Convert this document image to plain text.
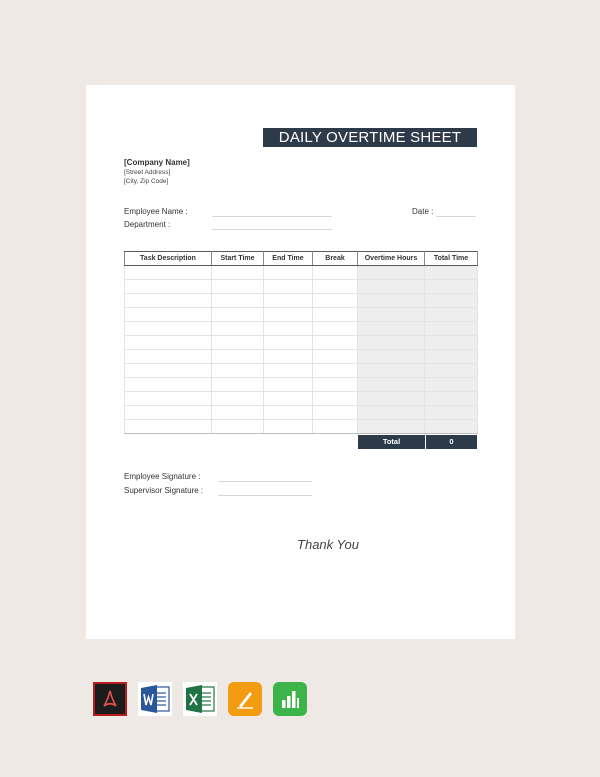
DAILY OVERTIME SHEET
[Company Name]
[Street Address]
[City, Zip Code]
Employee Name :
Department :
Date :
Task Description	Start Time	End Time	Break	Overtime Hours	Total Time

Total	0
Employee Signature :
Supervisor Signature :
Thank You
